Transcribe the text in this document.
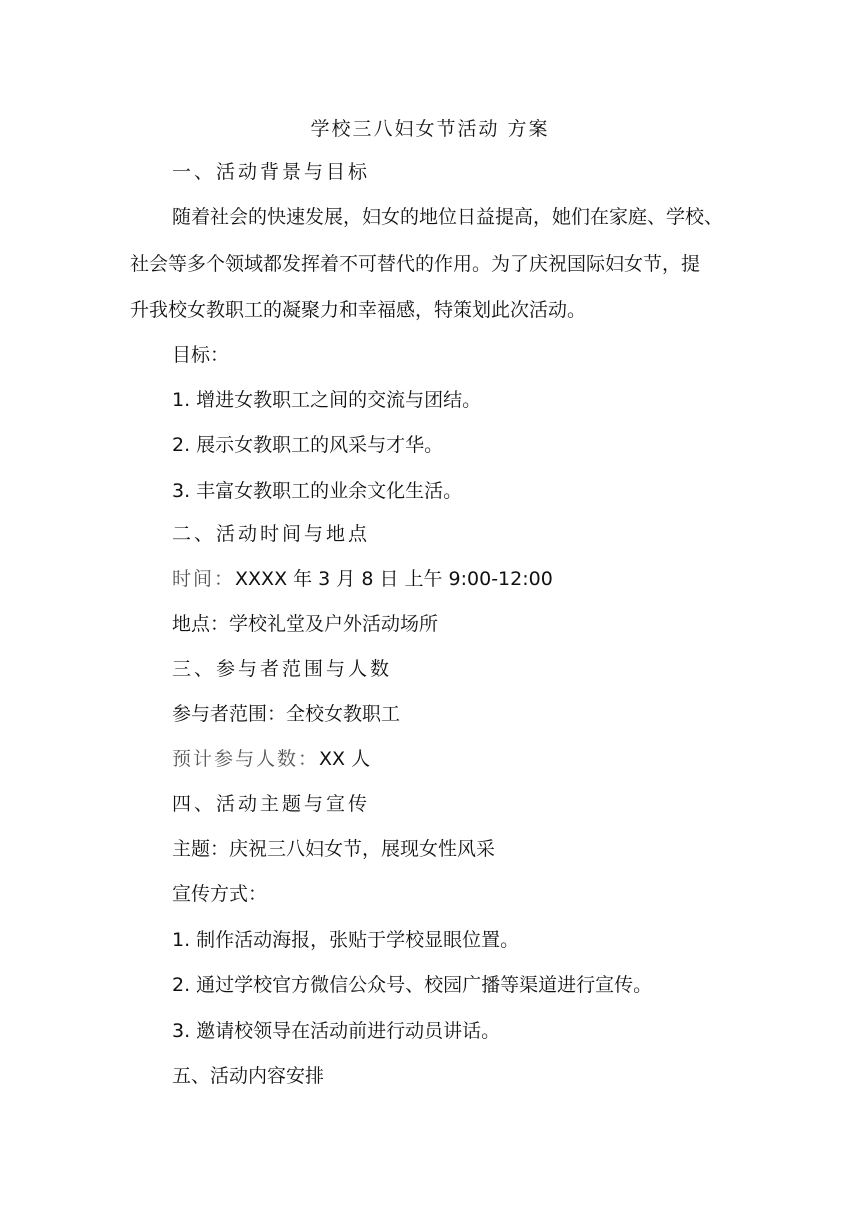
学校三八妇女节活动 方案
一、活动背景与目标
随着社会的快速发展，妇女的地位日益提高，她们在家庭、学校、
社会等多个领域都发挥着不可替代的作用。为了庆祝国际妇女节，提
升我校女教职工的凝聚力和幸福感，特策划此次活动。
目标：
1. 增进女教职工之间的交流与团结。
2. 展示女教职工的风采与才华。
3. 丰富女教职工的业余文化生活。
二、活动时间与地点
时间：XXXX 年 3 月 8 日 上午 9:00-12:00
地点：学校礼堂及户外活动场所
三、参与者范围与人数
参与者范围：全校女教职工
预计参与人数：XX 人
四、活动主题与宣传
主题：庆祝三八妇女节，展现女性风采
宣传方式：
1. 制作活动海报，张贴于学校显眼位置。
2. 通过学校官方微信公众号、校园广播等渠道进行宣传。
3. 邀请校领导在活动前进行动员讲话。
五、活动内容安排
